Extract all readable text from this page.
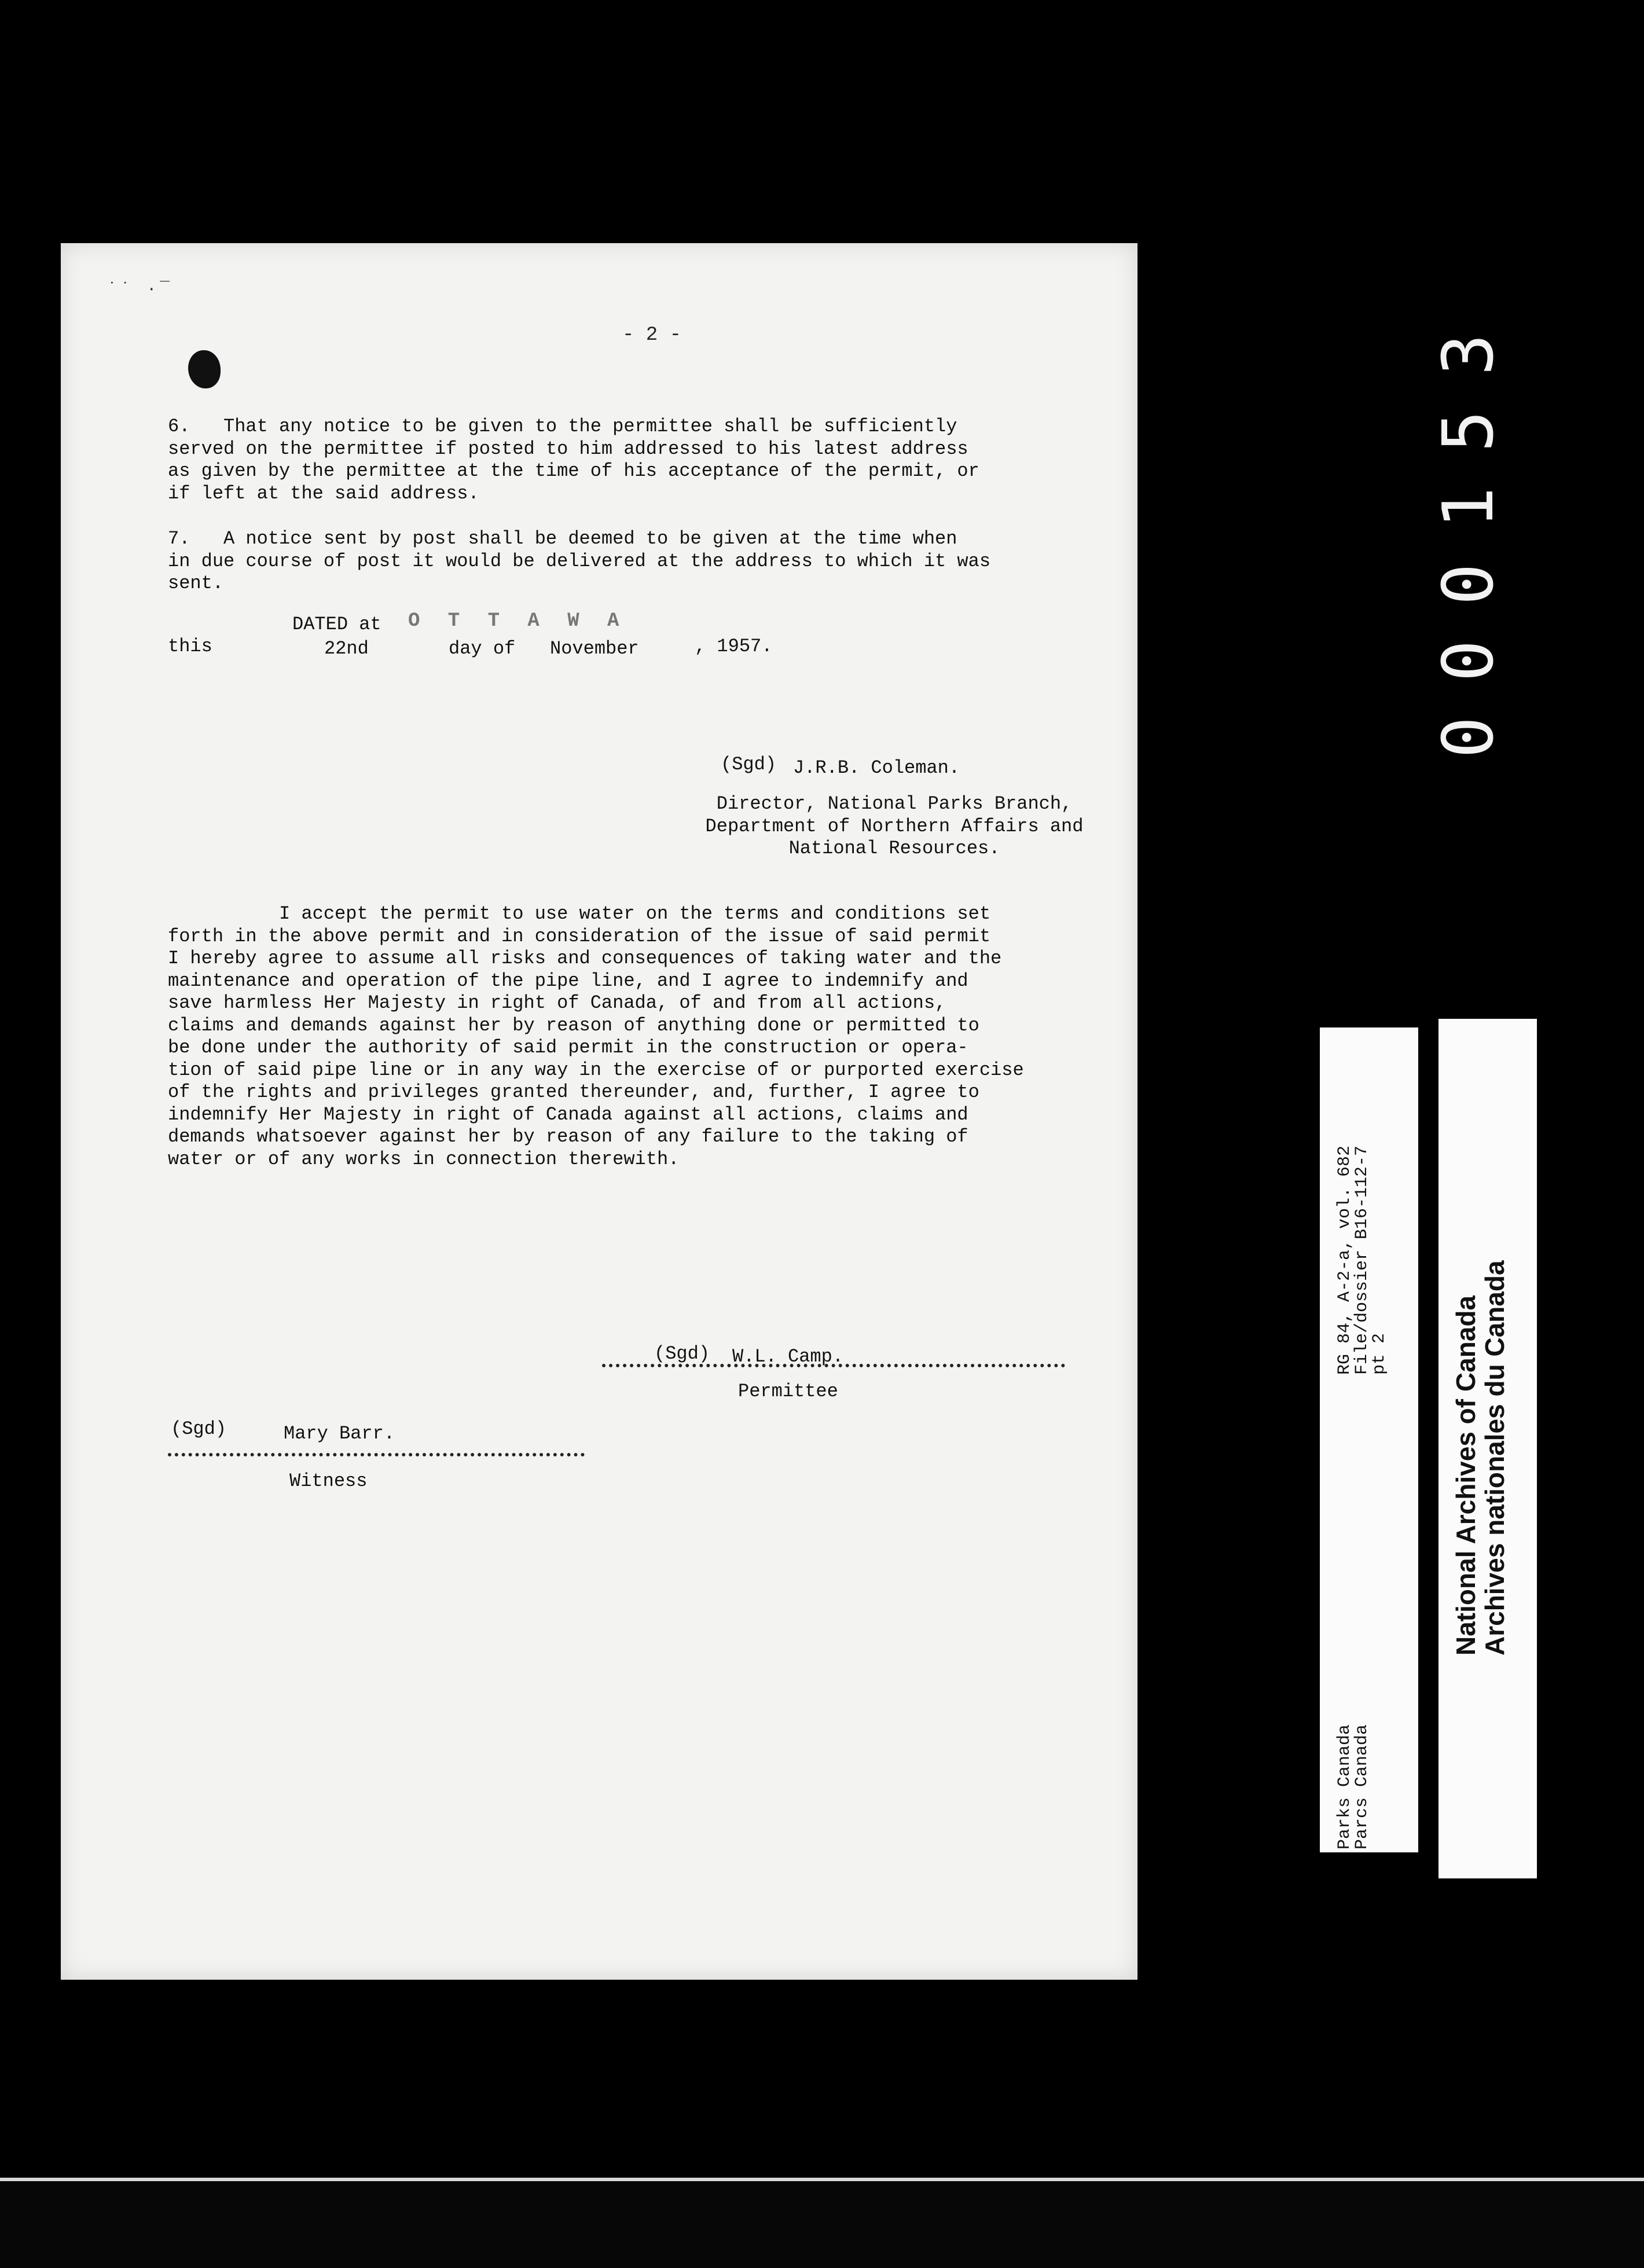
˙˙ ·¯
- 2 -
6.   That any notice to be given to the permittee shall be sufficiently
served on the permittee if posted to him addressed to his latest address
as given by the permittee at the time of his acceptance of the permit, or
if left at the said address.
7.   A notice sent by post shall be deemed to be given at the time when
in due course of post it would be delivered at the address to which it was
sent.
DATED at O T T A W A
this	22nd	day of November	, 1957.
(Sgd) J.R.B. Coleman.
Director, National Parks Branch,
Department of Northern Affairs and
National Resources.
I accept the permit to use water on the terms and conditions set
forth in the above permit and in consideration of the issue of said permit
I hereby agree to assume all risks and consequences of taking water and the
maintenance and operation of the pipe line, and I agree to indemnify and
save harmless Her Majesty in right of Canada, of and from all actions,
claims and demands against her by reason of anything done or permitted to
be done under the authority of said permit in the construction or opera-
tion of said pipe line or in any way in the exercise of or purported exercise
of the rights and privileges granted thereunder, and, further, I agree to
indemnify Her Majesty in right of Canada against all actions, claims and
demands whatsoever against her by reason of any failure to the taking of
water or of any works in connection therewith.
(Sgd) W.L. Camp.
Permittee
(Sgd)	Mary Barr.
Witness
000153
RG 84, A-2-a, vol. 682
File/dossier B16-112-7
pt 2
Parks Canada
Parcs Canada
National Archives of Canada
Archives nationales du Canada
